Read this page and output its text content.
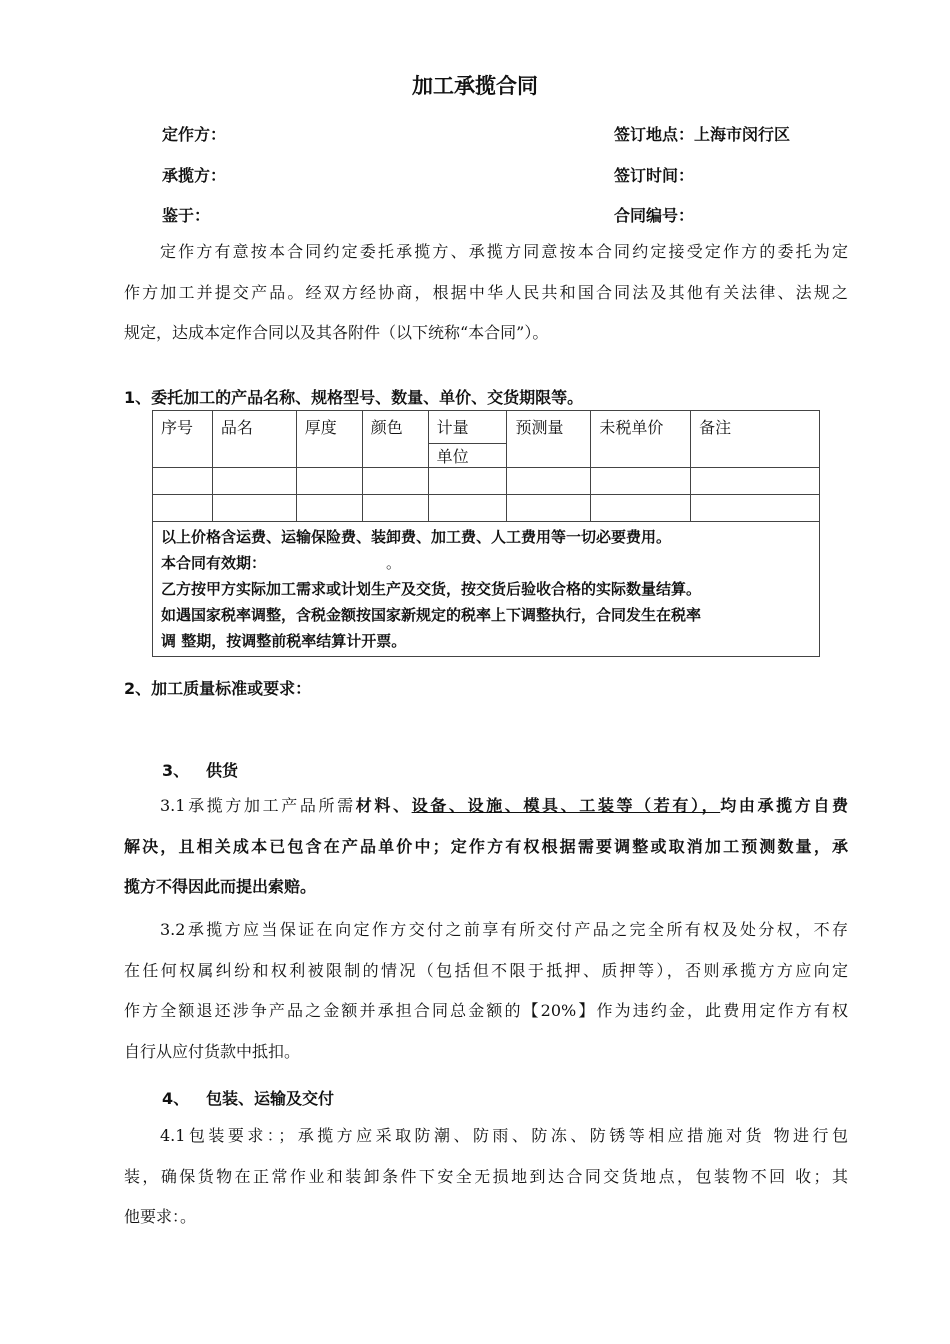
加工承揽合同
定作方：
承揽方：
鉴于：
签订地点：上海市闵行区
签订时间：
合同编号：
定作方有意按本合同约定委托承揽方、承揽方同意按本合同约定接受定作方的委托为定
作方加工并提交产品。经双方经协商，根据中华人民共和国合同法及其他有关法律、法规之
规定，达成本定作合同以及其各附件（以下统称“本合同”）。
1、委托加工的产品名称、规格型号、数量、单价、交货期限等。
序号	品名	厚度	颜色	计量	预测量	未税单价	备注
				单位			

以上价格含运费、运输保险费、装卸费、加工费、人工费用等一切必要费用。
本合同有效期： 。
乙方按甲方实际加工需求或计划生产及交货，按交货后验收合格的实际数量结算。
如遇国家税率调整，含税金额按国家新规定的税率上下调整执行，合同发生在税率
调 整期，按调整前税率结算计开票。							
2、加工质量标准或要求：
3、 供货
3.1承揽方加工产品所需材料、设备、设施、模具、工装等（若有），均由承揽方自费
解决，且相关成本已包含在产品单价中；定作方有权根据需要调整或取消加工预测数量，承
揽方不得因此而提出索赔。
3.2承揽方应当保证在向定作方交付之前享有所交付产品之完全所有权及处分权，不存
在任何权属纠纷和权利被限制的情况（包括但不限于抵押、质押等），否则承揽方方应向定
作方全额退还涉争产品之金额并承担合同总金额的【20%】作为违约金，此费用定作方有权
自行从应付货款中抵扣。
4、 包装、运输及交付
4.1包装要求：；承揽方应采取防潮、防雨、防冻、防锈等相应措施对货 物进行包
装，确保货物在正常作业和装卸条件下安全无损地到达合同交货地点，包装物不回 收；其
他要求：。
